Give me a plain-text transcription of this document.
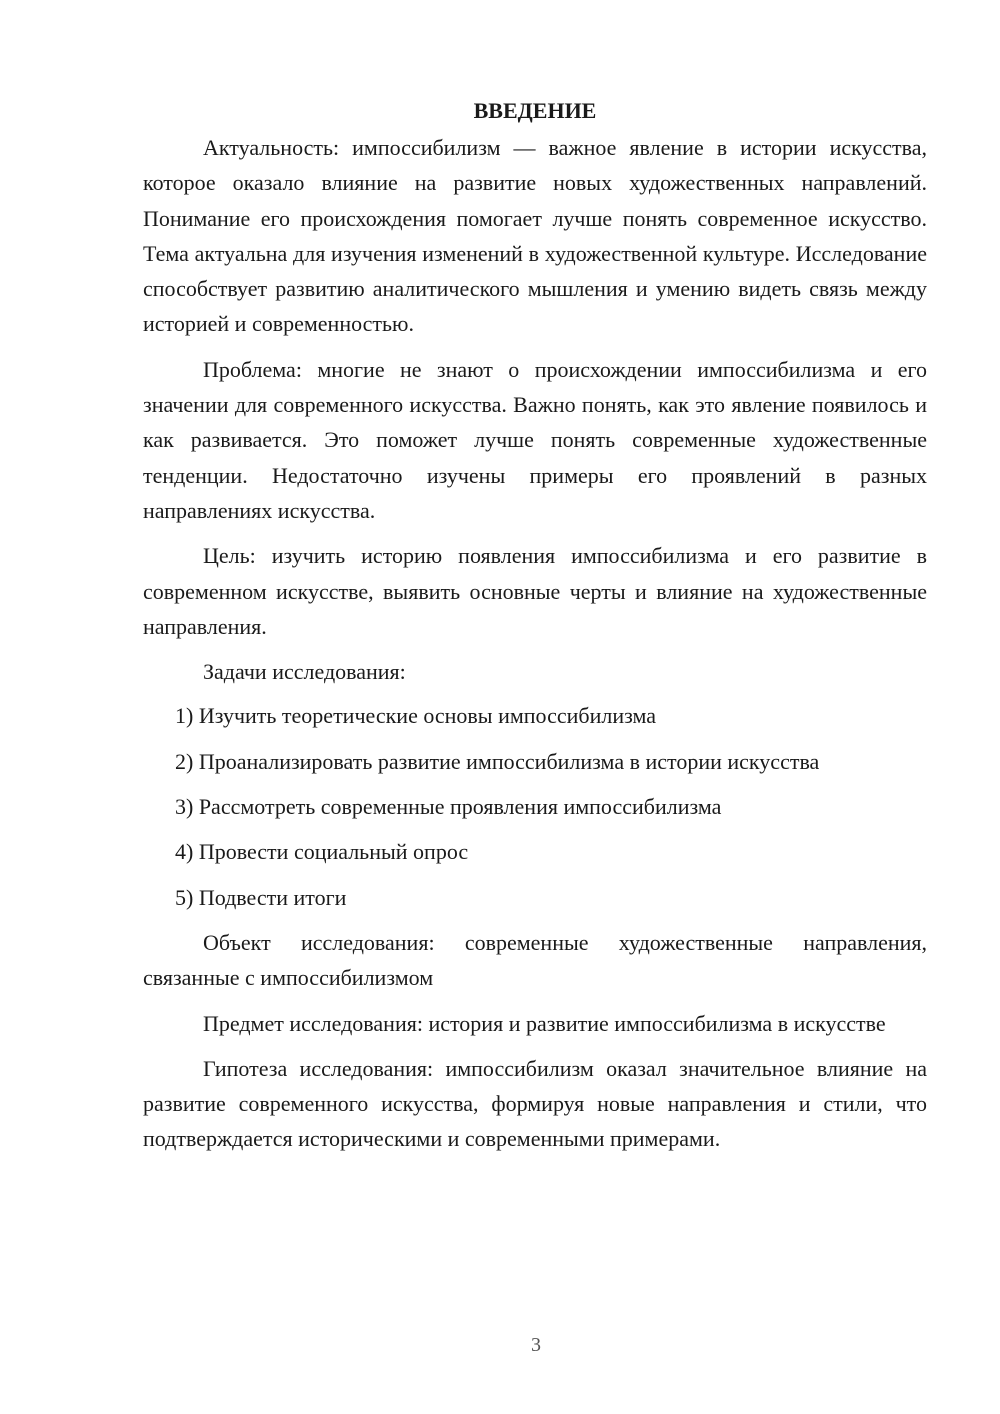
ВВЕДЕНИЕ

Актуальность: импоссибилизм — важное явление в истории искусства, которое оказало влияние на развитие новых художественных направлений. Понимание его происхождения помогает лучше понять современное искусство. Тема актуальна для изучения изменений в художественной культуре. Исследование способствует развитию аналитического мышления и умению видеть связь между историей и современностью.

Проблема: многие не знают о происхождении импоссибилизма и его значении для современного искусства. Важно понять, как это явление появилось и как развивается. Это поможет лучше понять современные художественные тенденции. Недостаточно изучены примеры его проявлений в разных направлениях искусства.

Цель: изучить историю появления импоссибилизма и его развитие в современном искусстве, выявить основные черты и влияние на художественные направления.

Задачи исследования:

1) Изучить теоретические основы импоссибилизма
2) Проанализировать развитие импоссибилизма в истории искусства
3) Рассмотреть современные проявления импоссибилизма
4) Провести социальный опрос
5) Подвести итоги

Объект исследования: современные художественные направления, связанные с импоссибилизмом

Предмет исследования: история и развитие импоссибилизма в искусстве

Гипотеза исследования: импоссибилизм оказал значительное влияние на развитие современного искусства, формируя новые направления и стили, что подтверждается историческими и современными примерами.

3
